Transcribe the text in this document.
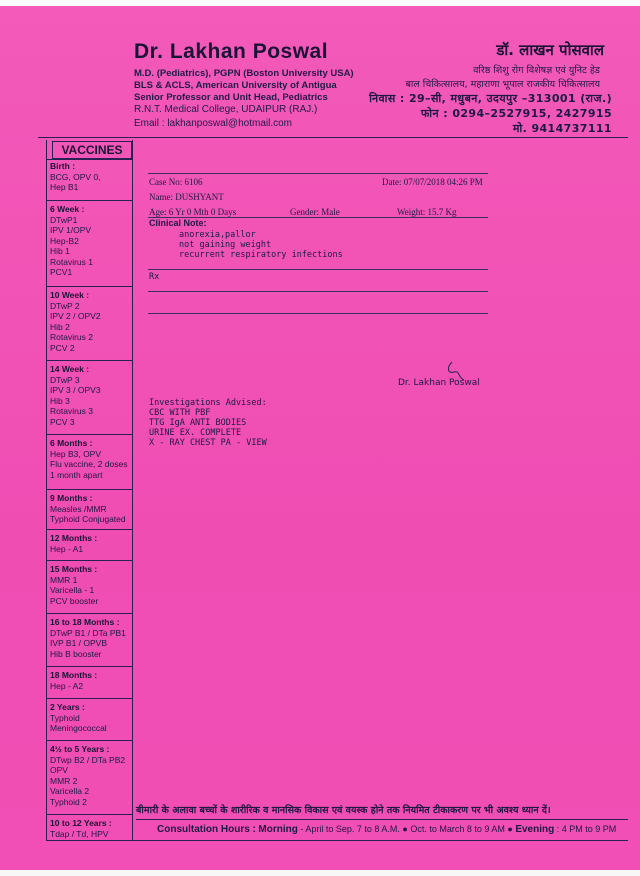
Dr. Lakhan Poswal
M.D. (Pediatrics), PGPN (Boston University USA)
BLS & ACLS, American University of Antigua
Senior Professor and Unit Head, Pediatrics
R.N.T. Medical College, UDAIPUR (RAJ.)
Email : lakhanposwal@hotmail.com
डॉ. लाखन पोसवाल
वरिष्ठ शिशु रोग विशेषज्ञ एवं युनिट हेड
बाल चिकित्सालय, महाराणा भूपाल राजकीय चिकित्सालय
निवास : 29–सी, मधुबन, उदयपुर –313001 (राज.)
फोन : 0294–2527915, 2427915
मो. 9414737111
VACCINES
Birth :
BCG, OPV 0,
Hep B1
6 Week :
DTwP1
IPV 1/OPV
Hep-B2
Hib 1
Rotavirus 1
PCV1
10 Week :
DTwP 2
IPV 2 / OPV2
Hib 2
Rotavirus 2
PCV 2
14 Week :
DTwP 3
IPV 3 / OPV3
Hib 3
Rotavirus 3
PCV 3
6 Months :
Hep B3, OPV
Flu vaccine, 2 doses
1 month apart
9 Months :
Measles /MMR
Typhoid Conjugated
12 Months :
Hep - A1
15 Months :
MMR 1
Varicella - 1
PCV booster
16 to 18 Months :
DTwP B1 / DTa PB1
IVP B1 / OPVB
Hib B booster
18 Months :
Hep - A2
2 Years :
Typhoid
Meningococcal
4½ to 5 Years :
DTwp B2 / DTa PB2
OPV
MMR 2
Varicella 2
Typhoid 2
10 to 12 Years :
Tdap / Td, HPV
Case No: 6106	Date: 07/07/2018 04:26 PM
Name: DUSHYANT
Age: 6 Yr 0 Mth 0 Days	Gender: Male	Weight: 15.7 Kg
Clinical Note:
anorexia,pallor
not gaining weight
recurrent respiratory infections
Rx
Dr. Lakhan Poswal
Investigations Advised:
CBC WITH PBF
TTG IgA ANTI BODIES
URINE EX. COMPLETE
X - RAY CHEST PA - VIEW
बीमारी के अलावा बच्चों के शारीरिक व मानसिक विकास एवं वयस्क होने तक नियमित टीकाकरण पर भी अवश्य ध्यान दें।
Consultation Hours : Morning - April to Sep. 7 to 8 A.M. ● Oct. to March 8 to 9 AM ● Evening : 4 PM to 9 PM
